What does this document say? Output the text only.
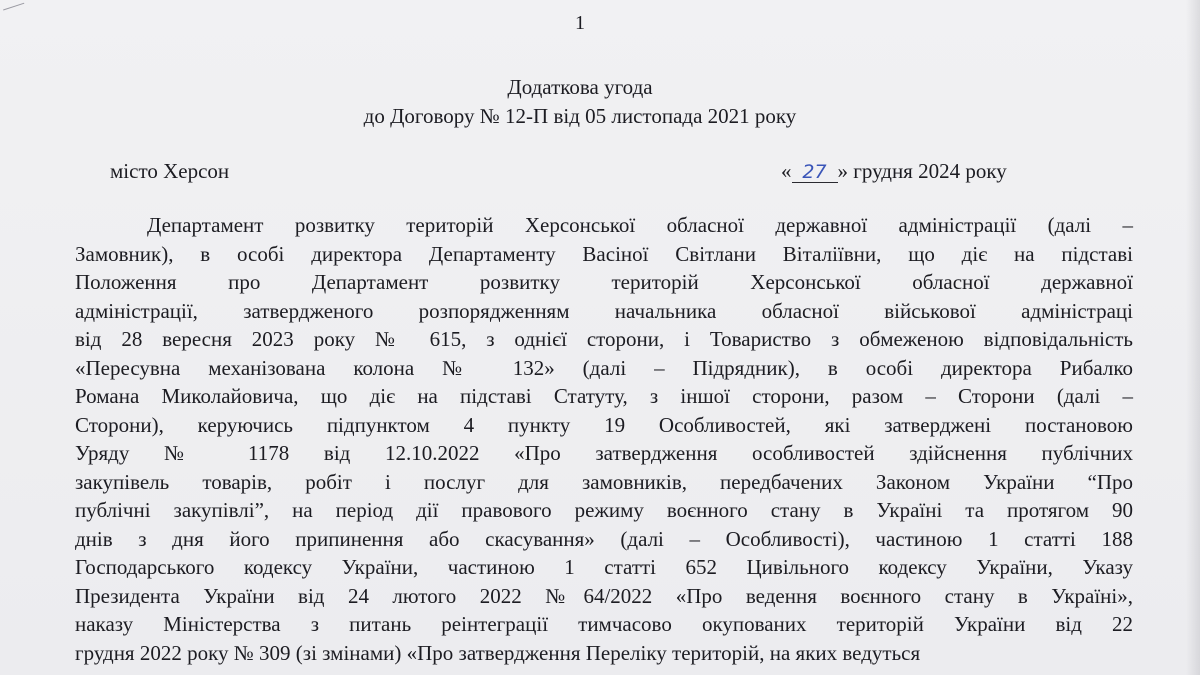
1
Додаткова угода
до Договору № 12-П від 05 листопада 2021 року
місто Херсон	« 27 » грудня 2024 року
Департамент розвитку територій Херсонської обласної державної адміністрації (далі –
Замовник), в особі директора Департаменту Васіної Світлани Віталіївни, що діє на підставі
Положення про Департамент розвитку територій Херсонської обласної державної
адміністрації, затвердженого розпорядженням начальника обласної військової адміністраці
від 28 вересня 2023 року № 615, з однієї сторони, і Товариство з обмеженою відповідальність
«Пересувна механізована колона № 132» (далі – Підрядник), в особі директора Рибалко
Романа Миколайовича, що діє на підставі Статуту, з іншої сторони, разом – Сторони (далі –
Сторони), керуючись підпунктом 4 пункту 19 Особливостей, які затверджені постановою
Уряду № 1178 від 12.10.2022 «Про затвердження особливостей здійснення публічних
закупівель товарів, робіт і послуг для замовників, передбачених Законом України “Про
публічні закупівлі”, на період дії правового режиму воєнного стану в Україні та протягом 90
днів з дня його припинення або скасування» (далі – Особливості), частиною 1 статті 188
Господарського кодексу України, частиною 1 статті 652 Цивільного кодексу України, Указу
Президента України від 24 лютого 2022 №64/2022 «Про ведення воєнного стану в Україні»,
наказу Міністерства з питань реінтеграції тимчасово окупованих територій України від 22
грудня 2022 року № 309 (зі змінами) «Про затвердження Переліку територій, на яких ведуться
